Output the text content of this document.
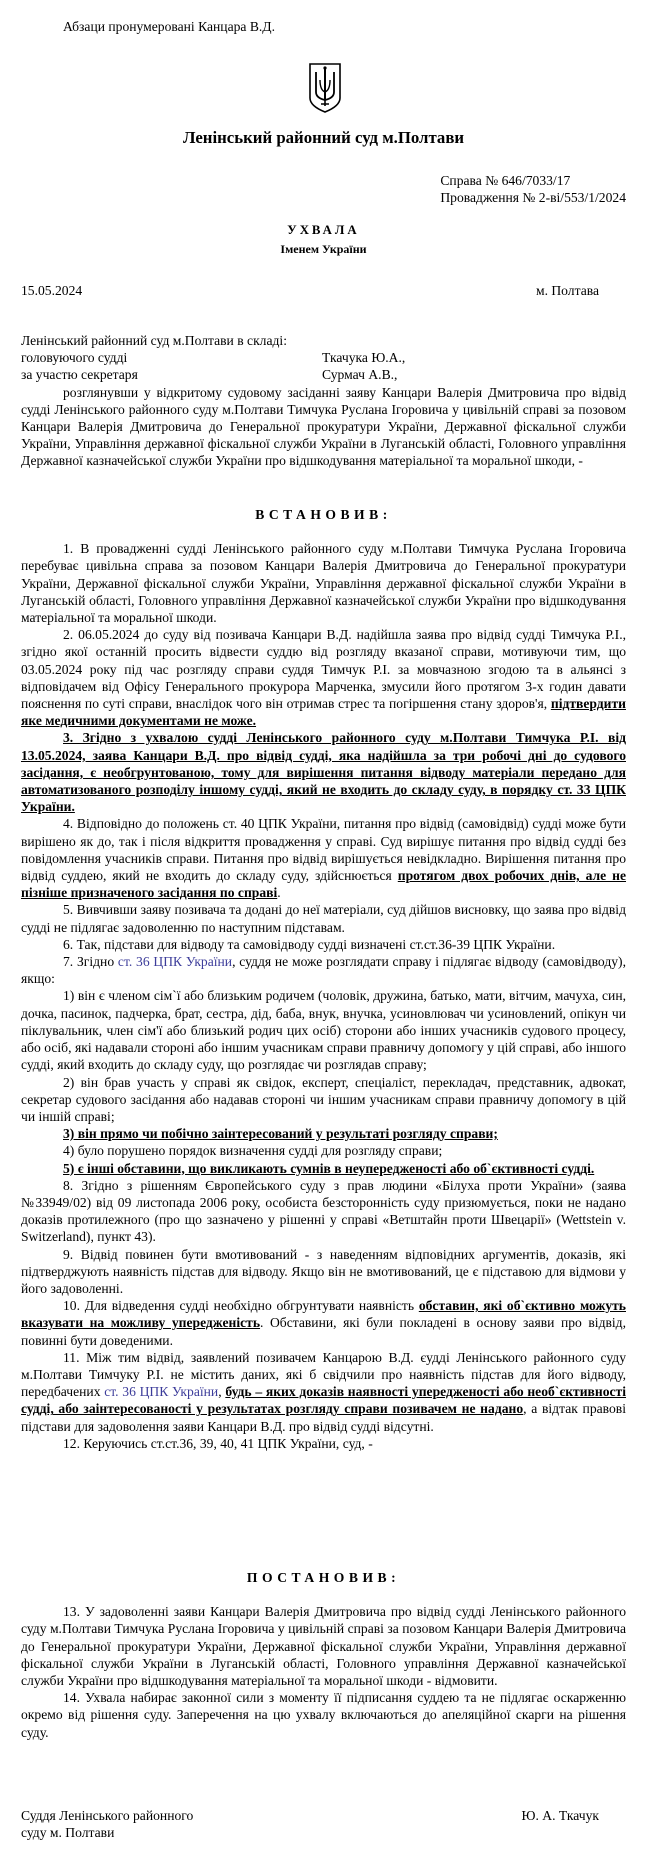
Абзаци пронумеровані Канцара В.Д.
Ленінський районний суд м.Полтави
Справа № 646/7033/17
Провадження № 2-ві/553/1/2024
УХВАЛА
Іменем України
15.05.2024	м. Полтава
Ленінський районний суд м.Полтави в складі:
головуючого судді	Ткачука Ю.А.,
за участю секретаря	Сурмач А.В.,

розглянувши у відкритому судовому засіданні заяву Канцари Валерія Дмитровича про відвід судді Ленінського районного суду м.Полтави Тимчука Руслана Ігоровича у цивільній справі за позовом Канцари Валерія Дмитровича до Генеральної прокуратури України, Державної фіскальної служби України, Управління державної фіскальної служби України в Луганській області, Головного управління Державної казначейської служби України про відшкодування матеріальної та моральної шкоди, -

ВСТАНОВИВ:

1. В провадженні судді Ленінського районного суду м.Полтави Тимчука Руслана Ігоровича перебуває цивільна справа за позовом Канцари Валерія Дмитровича до Генеральної прокуратури України, Державної фіскальної служби України, Управління державної фіскальної служби України в Луганській області, Головного управління Державної казначейської служби України про відшкодування матеріальної та моральної шкоди.

2. 06.05.2024 до суду від позивача Канцари В.Д. надійшла заява про відвід судді Тимчука Р.І., згідно якої останній просить відвести суддю від розгляду вказаної справи, мотивуючи тим, що 03.05.2024 року під час розгляду справи суддя Тимчук Р.І. за мовчазною згодою та в альянсі з відповідачем від Офісу Генерального прокурора Марченка, змусили його протягом 3-х годин давати пояснення по суті справи, внаслідок чого він отримав стрес та погіршення стану здоров'я, підтвердити яке медичними документами не може.

3. Згідно з ухвалою судді Ленінського районного суду м.Полтави Тимчука Р.І. від 13.05.2024, заява Канцари В.Д. про відвід судді, яка надійшла за три робочі дні до судового засідання, є необгрунтованою, тому для вирішення питання відводу матеріали передано для автоматизованого розподілу іншому судді, який не входить до складу суду, в порядку ст. 33 ЦПК України.

4. Відповідно до положень ст. 40 ЦПК України, питання про відвід (самовідвід) судді може бути вирішено як до, так і після відкриття провадження у справі. Суд вирішує питання про відвід судді без повідомлення учасників справи. Питання про відвід вирішується невідкладно. Вирішення питання про відвід суддею, який не входить до складу суду, здійснюється протягом двох робочих днів, але не пізніше призначеного засідання по справі.

5. Вивчивши заяву позивача та додані до неї матеріали, суд дійшов висновку, що заява про відвід судді не підлягає задоволенню по наступним підставам.

6. Так, підстави для відводу та самовідводу судді визначені ст.ст.36-39 ЦПК України.

7. Згідно ст. 36 ЦПК України, суддя не може розглядати справу і підлягає відводу (самовідводу), якщо:

1) він є членом сім`ї або близьким родичем (чоловік, дружина, батько, мати, вітчим, мачуха, син, дочка, пасинок, падчерка, брат, сестра, дід, баба, внук, внучка, усиновлювач чи усиновлений, опікун чи піклувальник, член сім'ї або близький родич цих осіб) сторони або інших учасників судового процесу, або осіб, які надавали стороні або іншим учасникам справи правничу допомогу у цій справі, або іншого судді, який входить до складу суду, що розглядає чи розглядав справу;

2) він брав участь у справі як свідок, експерт, спеціаліст, перекладач, представник, адвокат, секретар судового засідання або надавав стороні чи іншим учасникам справи правничу допомогу в цій чи іншій справі;

3) він прямо чи побічно заінтересований у результаті розгляду справи;

4) було порушено порядок визначення судді для розгляду справи;

5) є інші обставини, що викликають сумнів в неупередженості або об`єктивності судді.

8. Згідно з рішенням Європейського суду з прав людини «Білуха проти України» (заява №33949/02) від 09 листопада 2006 року, особиста безсторонність суду призюмується, поки не надано доказів протилежного (про що зазначено у рішенні у справі «Ветштайн проти Швецарії» (Wettstein v. Switzerland), пункт 43).

9. Відвід повинен бути вмотивований - з наведенням відповідних аргументів, доказів, які підтверджують наявність підстав для відводу. Якщо він не вмотивований, це є підставою для відмови у його задоволенні.

10. Для відведення судді необхідно обгрунтувати наявність обставин, які об`єктивно можуть вказувати на можливу упередженість. Обставини, які були покладені в основу заяви про відвід, повинні бути доведеними.

11. Між тим відвід, заявлений позивачем Канцарою В.Д. єудді Ленінського районного суду м.Полтави Тимчуку Р.І. не містить даних, які б свідчили про наявність підстав для його відводу, передбачених ст. 36 ЦПК України, будь – яких доказів наявності упередженості або необ`єктивності судді, або заінтересованості у результатах розгляду справи позивачем не надано, а відтак правові підстави для задоволення заяви Канцари В.Д. про відвід судді відсутні.

12. Керуючись ст.ст.36, 39, 40, 41 ЦПК України, суд, -

ПОСТАНОВИВ:

13. У задоволенні заяви Канцари Валерія Дмитровича про відвід судді Ленінського районного суду м.Полтави Тимчука Руслана Ігоровича у цивільній справі за позовом Канцари Валерія Дмитровича до Генеральної прокуратури України, Державної фіскальної служби України, Управління державної фіскальної служби України в Луганській області, Головного управління Державної казначейської служби України про відшкодування матеріальної та моральної шкоди - відмовити.

14. Ухвала набирає законної сили з моменту її підписання суддею та не підлягає оскарженню окремо від рішення суду. Заперечення на цю ухвалу включаються до апеляційної скарги на рішення суду.

Суддя Ленінського районного
суду м. Полтави
Ю. А. Ткачук
